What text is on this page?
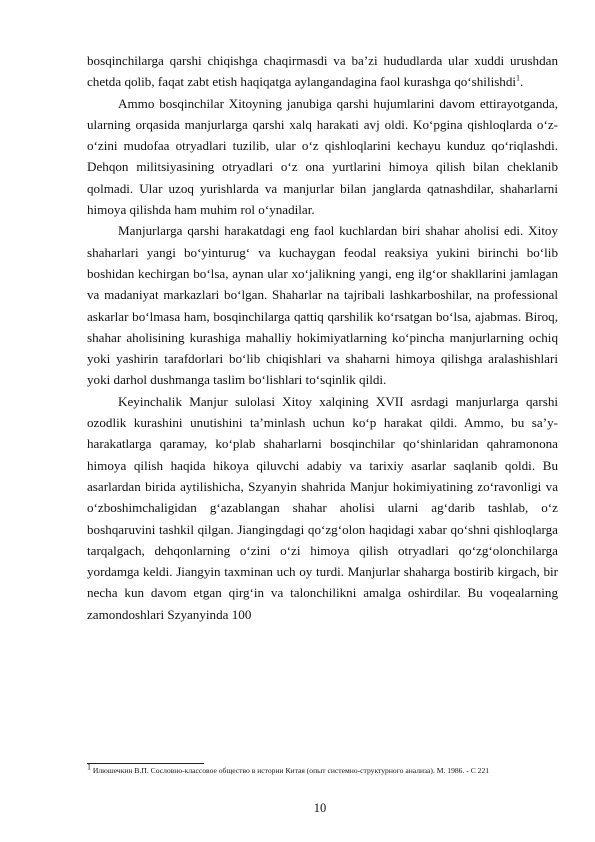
bosqinchilarga qarshi chiqishga chaqirmasdi va ba’zi hududlarda ular xuddi urushdan chetda qolib, faqat zabt etish haqiqatga aylangandagina faol kurashga qo‘shilishdi$^1$.

Ammo bosqinchilar Xitoyning janubiga qarshi hujumlarini davom ettirayotganda, ularning orqasida manjurlarga qarshi xalq harakati avj oldi. Ko‘pgina qishloqlarda o‘z-o‘zini mudofaa otryadlari tuzilib, ular o‘z qishloqlarini kechayu kunduz qo‘riqlashdi. Dehqon militsiyasining otryadlari o‘z ona yurtlarini himoya qilish bilan cheklanib qolmadi. Ular uzoq yurishlarda va manjurlar bilan janglarda qatnashdilar, shaharlarni himoya qilishda ham muhim rol o‘ynadilar.

Manjurlarga qarshi harakatdagi eng faol kuchlardan biri shahar aholisi edi. Xitoy shaharlari yangi bo‘yinturug‘ va kuchaygan feodal reaksiya yukini birinchi bo‘lib boshidan kechirgan bo‘lsa, aynan ular xo‘jalikning yangi, eng ilg‘or shakllarini jamlagan va madaniyat markazlari bo‘lgan. Shaharlar na tajribali lashkarboshilar, na professional askarlar bo‘lmasa ham, bosqinchilarga qattiq qarshilik ko‘rsatgan bo‘lsa, ajabmas. Biroq, shahar aholisining kurashiga mahalliy hokimiyatlarning ko‘pincha manjurlarning ochiq yoki yashirin tarafdorlari bo‘lib chiqishlari va shaharni himoya qilishga aralashishlari yoki darhol dushmanga taslim bo‘lishlari to‘sqinlik qildi.

Keyinchalik Manjur sulolasi Xitoy xalqining XVII asrdagi manjurlarga qarshi ozodlik kurashini unutishini ta’minlash uchun ko‘p harakat qildi. Ammo, bu sa’y-harakatlarga qaramay, ko‘plab shaharlarni bosqinchilar qo‘shinlaridan qahramonona himoya qilish haqida hikoya qiluvchi adabiy va tarixiy asarlar saqlanib qoldi. Bu asarlardan birida aytilishicha, Szyanyin shahrida Manjur hokimiyatining zo‘ravonligi va o‘zboshimchaligidan g‘azablangan shahar aholisi ularni ag‘darib tashlab, o‘z boshqaruvini tashkil qilgan. Jiangingdagi qo‘zg‘olon haqidagi xabar qo‘shni qishloqlarga tarqalgach, dehqonlarning o‘zini o‘zi himoya qilish otryadlari qo‘zg‘olonchilarga yordamga keldi. Jiangyin taxminan uch oy turdi. Manjurlar shaharga bostirib kirgach, bir necha kun davom etgan qirg‘in va talonchilikni amalga oshirdilar. Bu voqealarning zamondoshlari Szyanyinda 100

$^1$ Илюшечкин В.П. Сословно-классовое общество в истории Китая (опыт системно-структурного анализа). М. 1986. - С 221
10
